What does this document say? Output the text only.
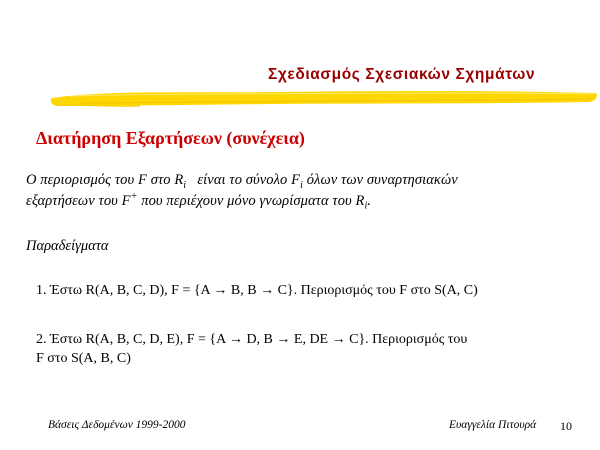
Σχεδιασμός Σχεσιακών Σχημάτων
Διατήρηση Εξαρτήσεων (συνέχεια)
Ο περιορισμός του F στο $R_i$   είναι το σύνολο $F_i$ όλων των συναρτησιακών
εξαρτήσεων του F+ που περιέχουν μόνο γνωρίσματα του $R_i$.
Παραδείγματα
1. Έστω R(A, B, C, D), F = {A → B, B → C}. Περιορισμός του F στο S(A, C)
2. Έστω R(A, B, C, D, E), F = {A → D, B → E, DE → C}. Περιορισμός του
F στο S(A, B, C)
Βάσεις Δεδομένων 1999-2000	Ευαγγελία Πιτουρά 10
